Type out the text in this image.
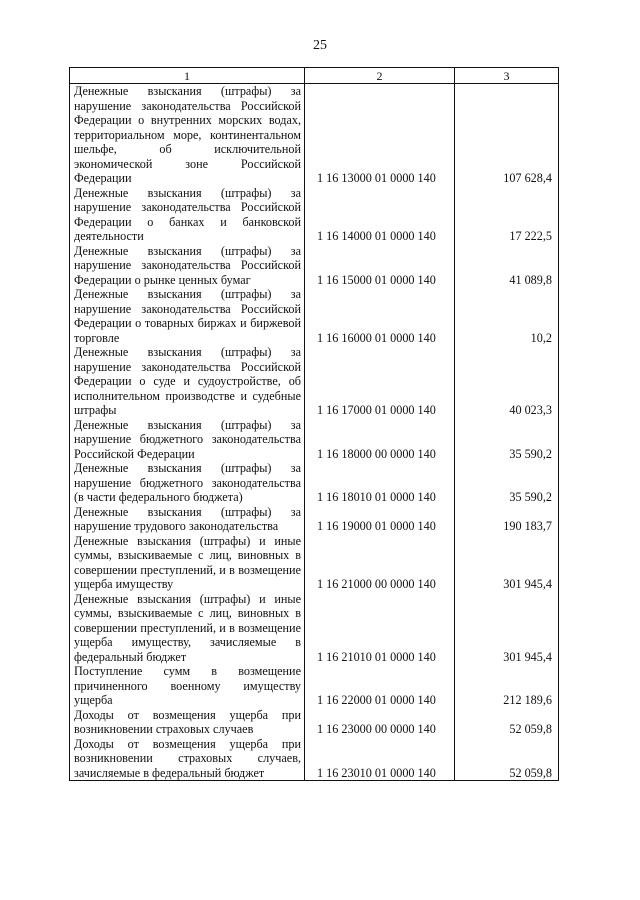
25
1	2	3
Денежные взыскания (штрафы) за нарушение законодательства Российской Федерации о внутренних морских водах, территориальном море, континентальном шельфе, об исключительной экономической зоне Российской Федерации	1 16 13000 01 0000 140	107 628,4
Денежные взыскания (штрафы) за нарушение законодательства Российской Федерации о банках и банковской деятельности	1 16 14000 01 0000 140	17 222,5
Денежные взыскания (штрафы) за нарушение законодательства Российской Федерации о рынке ценных бумаг	1 16 15000 01 0000 140	41 089,8
Денежные взыскания (штрафы) за нарушение законодательства Российской Федерации о товарных биржах и биржевой торговле	1 16 16000 01 0000 140	10,2
Денежные взыскания (штрафы) за нарушение законодательства Российской Федерации о суде и судоустройстве, об исполнительном производстве и судебные штрафы	1 16 17000 01 0000 140	40 023,3
Денежные взыскания (штрафы) за нарушение бюджетного законодательства Российской Федерации	1 16 18000 00 0000 140	35 590,2
Денежные взыскания (штрафы) за нарушение бюджетного законодательства (в части федерального бюджета)	1 16 18010 01 0000 140	35 590,2
Денежные взыскания (штрафы) за нарушение трудового законодательства	1 16 19000 01 0000 140	190 183,7
Денежные взыскания (штрафы) и иные суммы, взыскиваемые с лиц, виновных в совершении преступлений, и в возмещение ущерба имуществу	1 16 21000 00 0000 140	301 945,4
Денежные взыскания (штрафы) и иные суммы, взыскиваемые с лиц, виновных в совершении преступлений, и в возмещение ущерба имуществу, зачисляемые в федеральный бюджет	1 16 21010 01 0000 140	301 945,4
Поступление сумм в возмещение причиненного военному имуществу ущерба	1 16 22000 01 0000 140	212 189,6
Доходы от возмещения ущерба при возникновении страховых случаев	1 16 23000 00 0000 140	52 059,8
Доходы от возмещения ущерба при возникновении страховых случаев, зачисляемые в федеральный бюджет	1 16 23010 01 0000 140	52 059,8
